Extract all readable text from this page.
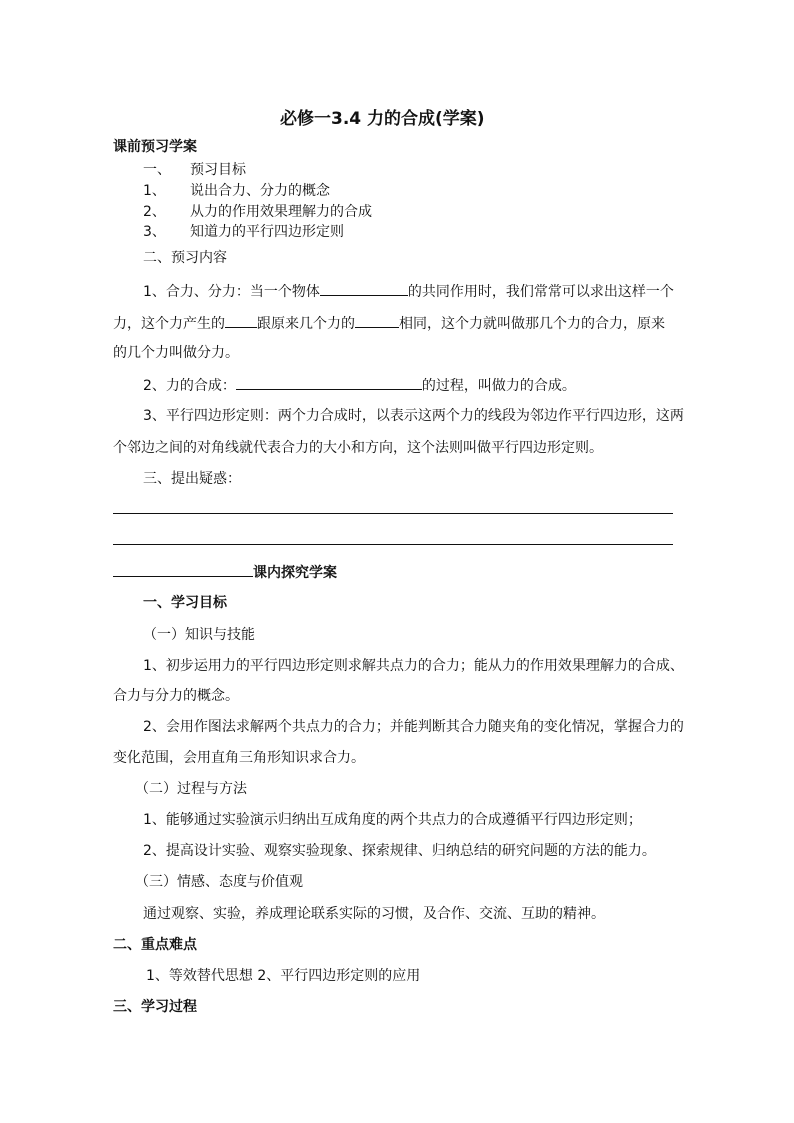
必修一3.4 力的合成(学案)
课前预习学案
一、 预习目标
1、 说出合力、分力的概念
2、 从力的作用效果理解力的合成
3、 知道力的平行四边形定则
二、预习内容
1、合力、分力：当一个物体	的共同作用时，我们常常可以求出这样一个
力，这个力产生的 跟原来几个力的	相同，这个力就叫做那几个力的合力，原来
的几个力叫做分力。
2、力的合成：	的过程，叫做力的合成。
3、平行四边形定则：两个力合成时，以表示这两个力的线段为邻边作平行四边形，这两
个邻边之间的对角线就代表合力的大小和方向，这个法则叫做平行四边形定则。
三、提出疑惑：
课内探究学案
一、学习目标
（一）知识与技能
1、初步运用力的平行四边形定则求解共点力的合力；能从力的作用效果理解力的合成、
合力与分力的概念。
2、会用作图法求解两个共点力的合力；并能判断其合力随夹角的变化情况，掌握合力的
变化范围，会用直角三角形知识求合力。
（二）过程与方法
1、能够通过实验演示归纳出互成角度的两个共点力的合成遵循平行四边形定则；
2、提高设计实验、观察实验现象、探索规律、归纳总结的研究问题的方法的能力。
（三）情感、态度与价值观
通过观察、实验，养成理论联系实际的习惯，及合作、交流、互助的精神。
二、重点难点
1、等效替代思想 2、平行四边形定则的应用
三、学习过程
